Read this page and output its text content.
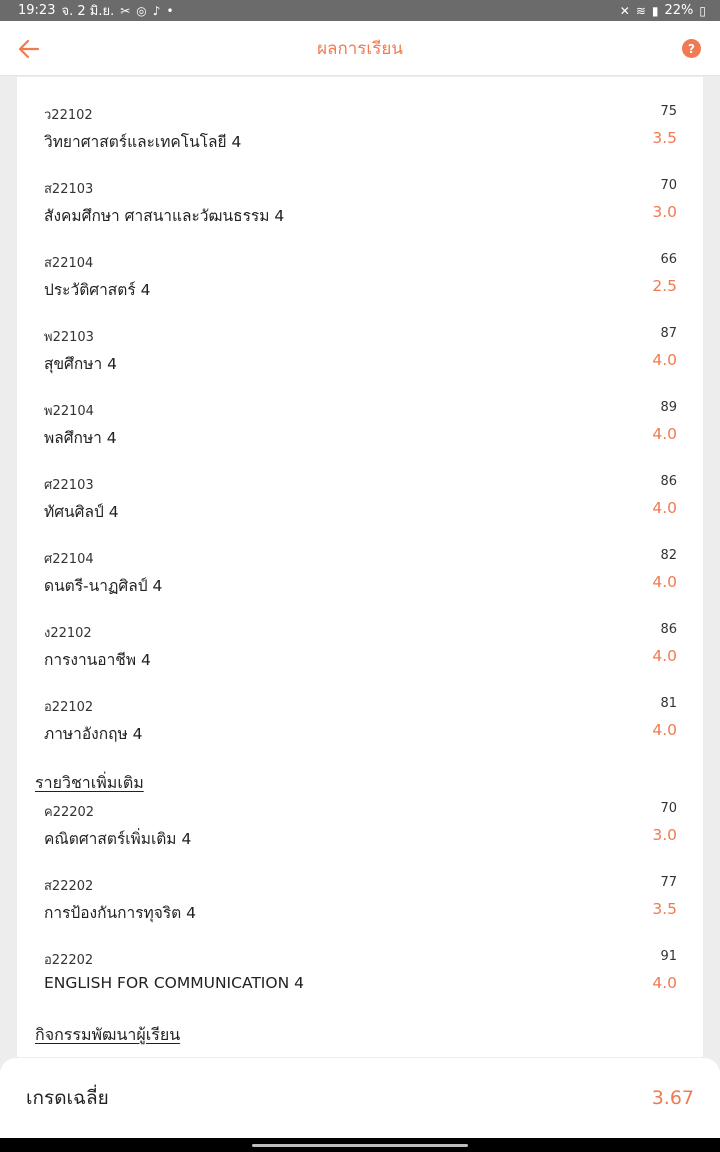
19:23 จ. 2 มิ.ย. ✂ ◎ ♪ •	✕ ≋ ▮ 22% ▯
ผลการเรียน	?
ว22102	75
วิทยาศาสตร์และเทคโนโลยี 4	3.5
ส22103	70
สังคมศึกษา ศาสนาและวัฒนธรรม 4	3.0
ส22104	66
ประวัติศาสตร์ 4	2.5
พ22103	87
สุขศึกษา 4	4.0
พ22104	89
พลศึกษา 4	4.0
ศ22103	86
ทัศนศิลป์ 4	4.0
ศ22104	82
ดนตรี-นาฏศิลป์ 4	4.0
ง22102	86
การงานอาชีพ 4	4.0
อ22102	81
ภาษาอังกฤษ 4	4.0
รายวิชาเพิ่มเติม
ค22202	70
คณิตศาสตร์เพิ่มเติม 4	3.0
ส22202	77
การป้องกันการทุจริต 4	3.5
อ22202	91
ENGLISH FOR COMMUNICATION 4	4.0
กิจกรรมพัฒนาผู้เรียน
เกรดเฉลี่ย	3.67
